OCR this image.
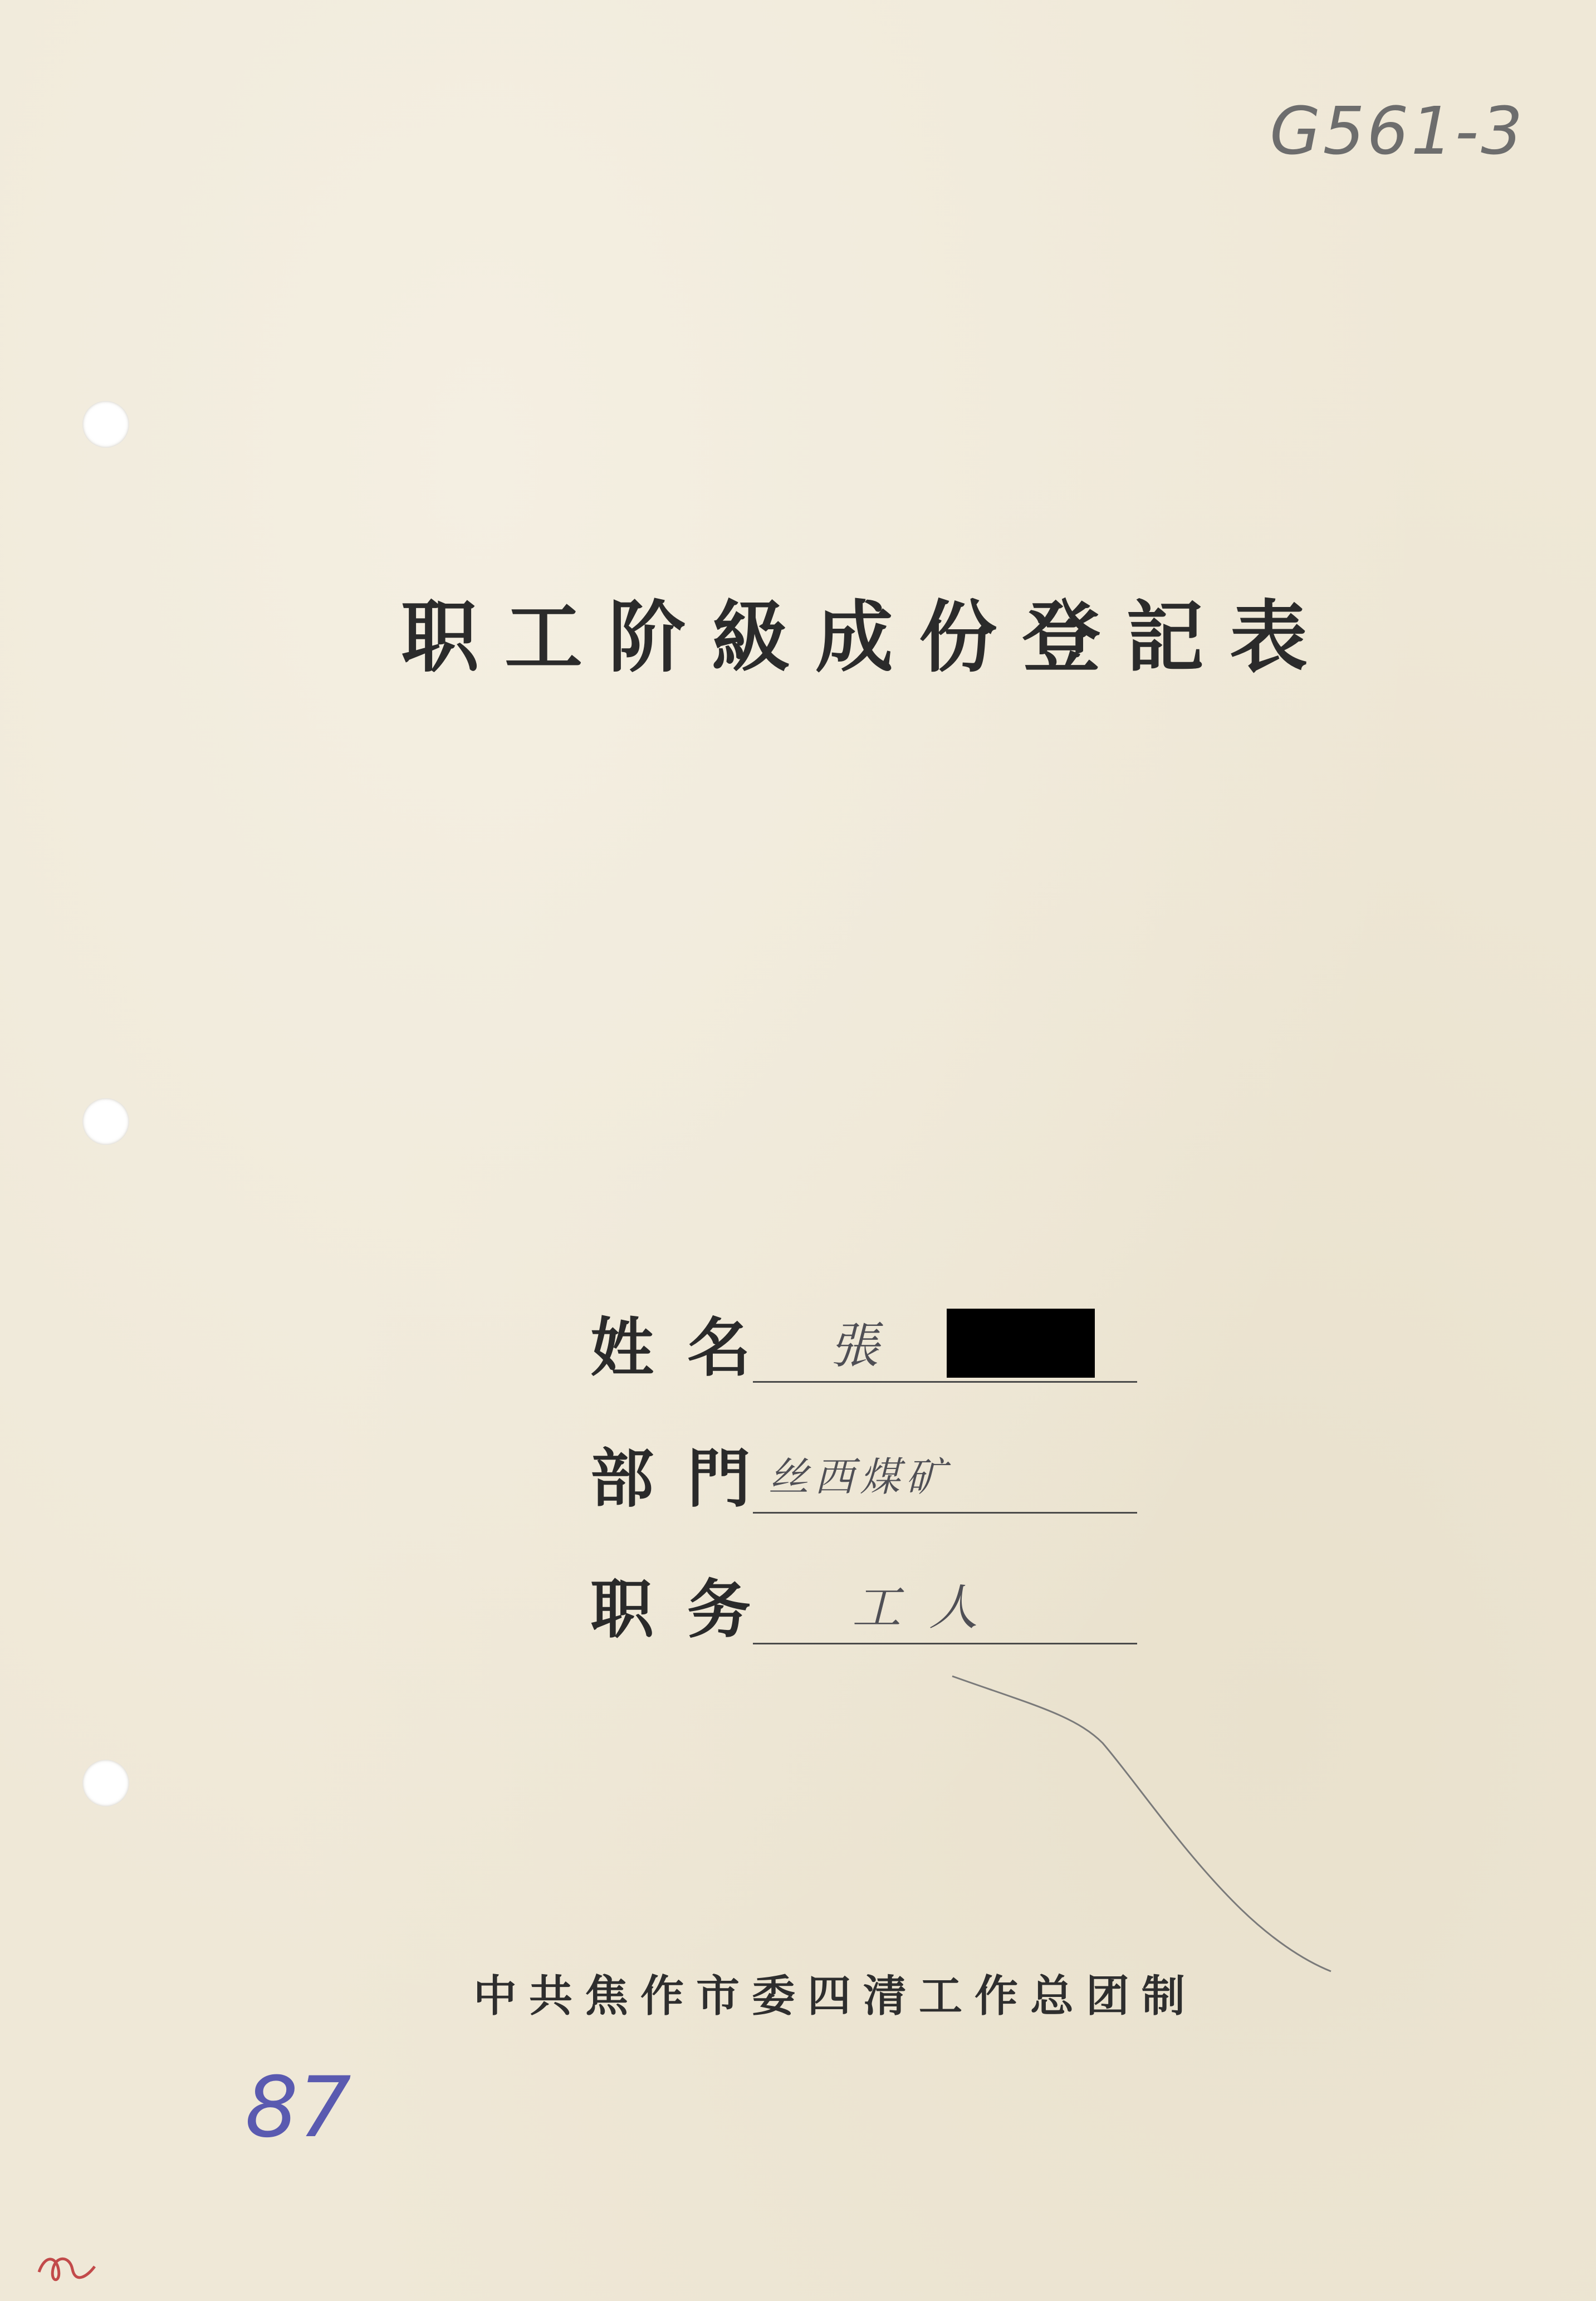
G561-3
职工阶級成份登記表
姓名 張
部門
丝西煤矿
职务 工人
中共焦作市委四清工作总团制
87
